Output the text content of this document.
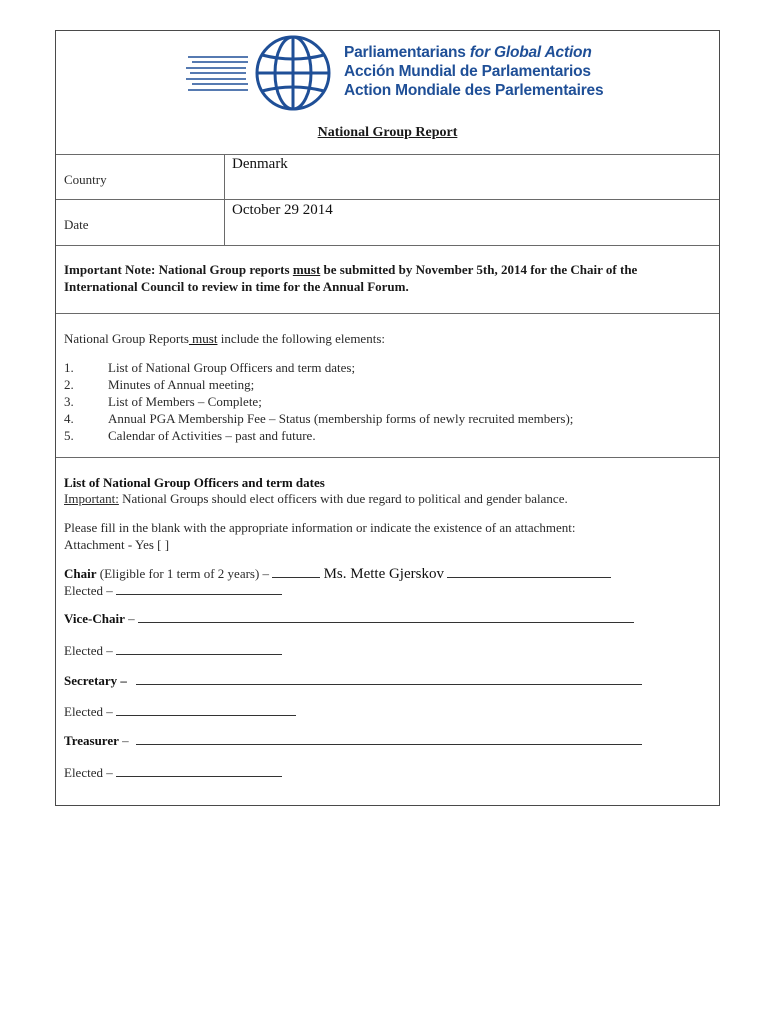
Parliamentarians for Global Action
Acción Mundial de Parlamentarios
Action Mondiale des Parlementaires
National Group Report
Country
Denmark
Date
October 29 2014
Important Note: National Group reports must be submitted by November 5th, 2014 for the Chair of the International Council to review in time for the Annual Forum.
National Group Reports must include the following elements:
1.	List of National Group Officers and term dates;
2.	Minutes of Annual meeting;
3.	List of Members – Complete;
4.	Annual PGA Membership Fee – Status (membership forms of newly recruited members);
5.	Calendar of Activities – past and future.
List of National Group Officers and term dates
Important: National Groups should elect officers with due regard to political and gender balance.
Please fill in the blank with the appropriate information or indicate the existence of an attachment:
Attachment - Yes [ ]
Chair (Eligible for 1 term of 2 years) –	Ms. Mette Gjerskov
Elected –
Vice-Chair –
Elected –
Secretary –
Elected –
Treasurer –
Elected –
